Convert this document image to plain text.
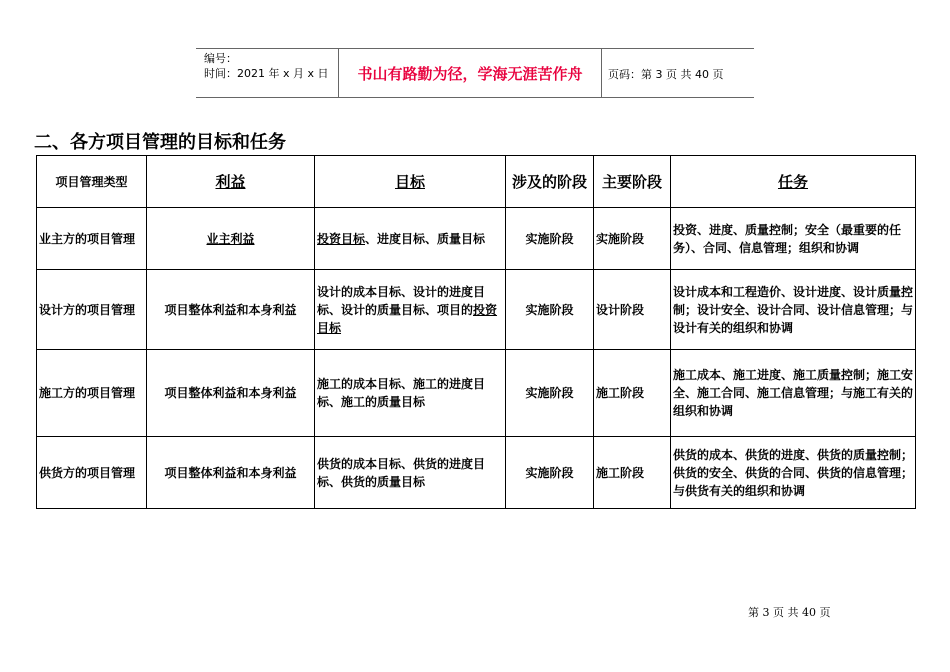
编号：
时间：2021 年 x 月 x 日	书山有路勤为径，学海无涯苦作舟	页码：第 3 页 共 40 页
二、各方项目管理的目标和任务
项目管理类型	利益	目标	涉及的阶段	主要阶段	任务
业主方的项目管理	业主利益	投资目标、进度目标、质量目标	实施阶段	实施阶段	投资、进度、质量控制；安全（最重要的任务）、合同、信息管理；组织和协调
设计方的项目管理	项目整体利益和本身利益	设计的成本目标、设计的进度目标、设计的质量目标、项目的投资目标	实施阶段	设计阶段	设计成本和工程造价、设计进度、设计质量控制；设计安全、设计合同、设计信息管理；与设计有关的组织和协调
施工方的项目管理	项目整体利益和本身利益	施工的成本目标、施工的进度目标、施工的质量目标	实施阶段	施工阶段	施工成本、施工进度、施工质量控制；施工安全、施工合同、施工信息管理；与施工有关的组织和协调
供货方的项目管理	项目整体利益和本身利益	供货的成本目标、供货的进度目标、供货的质量目标	实施阶段	施工阶段	供货的成本、供货的进度、供货的质量控制；供货的安全、供货的合同、供货的信息管理；与供货有关的组织和协调
第 3 页 共 40 页
